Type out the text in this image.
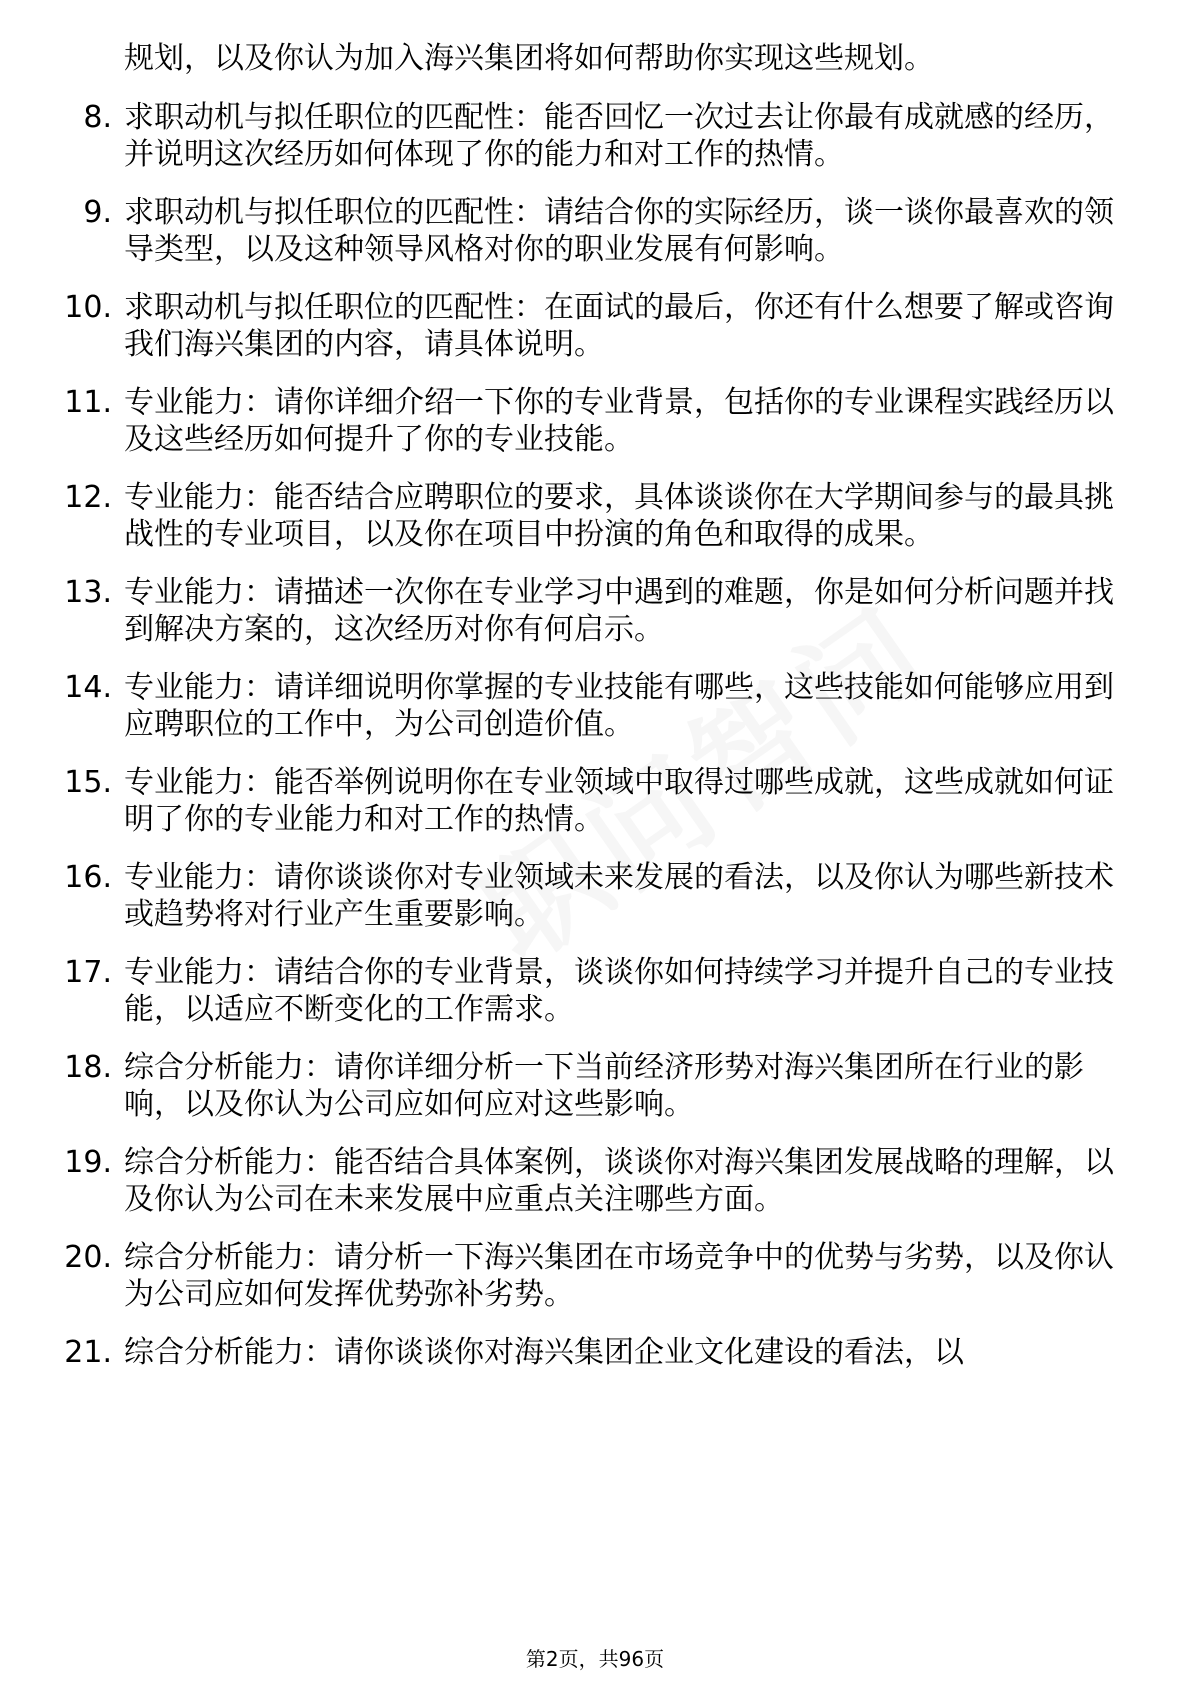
规划，以及你认为加入海兴集团将如何帮助你实现这些规划。
8. 求职动机与拟任职位的匹配性：能否回忆一次过去让你最有成就感的经历，并说明这次经历如何体现了你的能力和对工作的热情。
9. 求职动机与拟任职位的匹配性：请结合你的实际经历，谈一谈你最喜欢的领导类型，以及这种领导风格对你的职业发展有何影响。
10. 求职动机与拟任职位的匹配性：在面试的最后，你还有什么想要了解或咨询我们海兴集团的内容，请具体说明。
11. 专业能力：请你详细介绍一下你的专业背景，包括你的专业课程实践经历以及这些经历如何提升了你的专业技能。
12. 专业能力：能否结合应聘职位的要求，具体谈谈你在大学期间参与的最具挑战性的专业项目，以及你在项目中扮演的角色和取得的成果。
13. 专业能力：请描述一次你在专业学习中遇到的难题，你是如何分析问题并找到解决方案的，这次经历对你有何启示。
14. 专业能力：请详细说明你掌握的专业技能有哪些，这些技能如何能够应用到应聘职位的工作中，为公司创造价值。
15. 专业能力：能否举例说明你在专业领域中取得过哪些成就，这些成就如何证明了你的专业能力和对工作的热情。
16. 专业能力：请你谈谈你对专业领域未来发展的看法，以及你认为哪些新技术或趋势将对行业产生重要影响。
17. 专业能力：请结合你的专业背景，谈谈你如何持续学习并提升自己的专业技能，以适应不断变化的工作需求。
18. 综合分析能力：请你详细分析一下当前经济形势对海兴集团所在行业的影响，以及你认为公司应如何应对这些影响。
19. 综合分析能力：能否结合具体案例，谈谈你对海兴集团发展战略的理解，以及你认为公司在未来发展中应重点关注哪些方面。
20. 综合分析能力：请分析一下海兴集团在市场竞争中的优势与劣势，以及你认为公司应如何发挥优势弥补劣势。
21. 综合分析能力：请你谈谈你对海兴集团企业文化建设的看法，以
第2页，共96页
